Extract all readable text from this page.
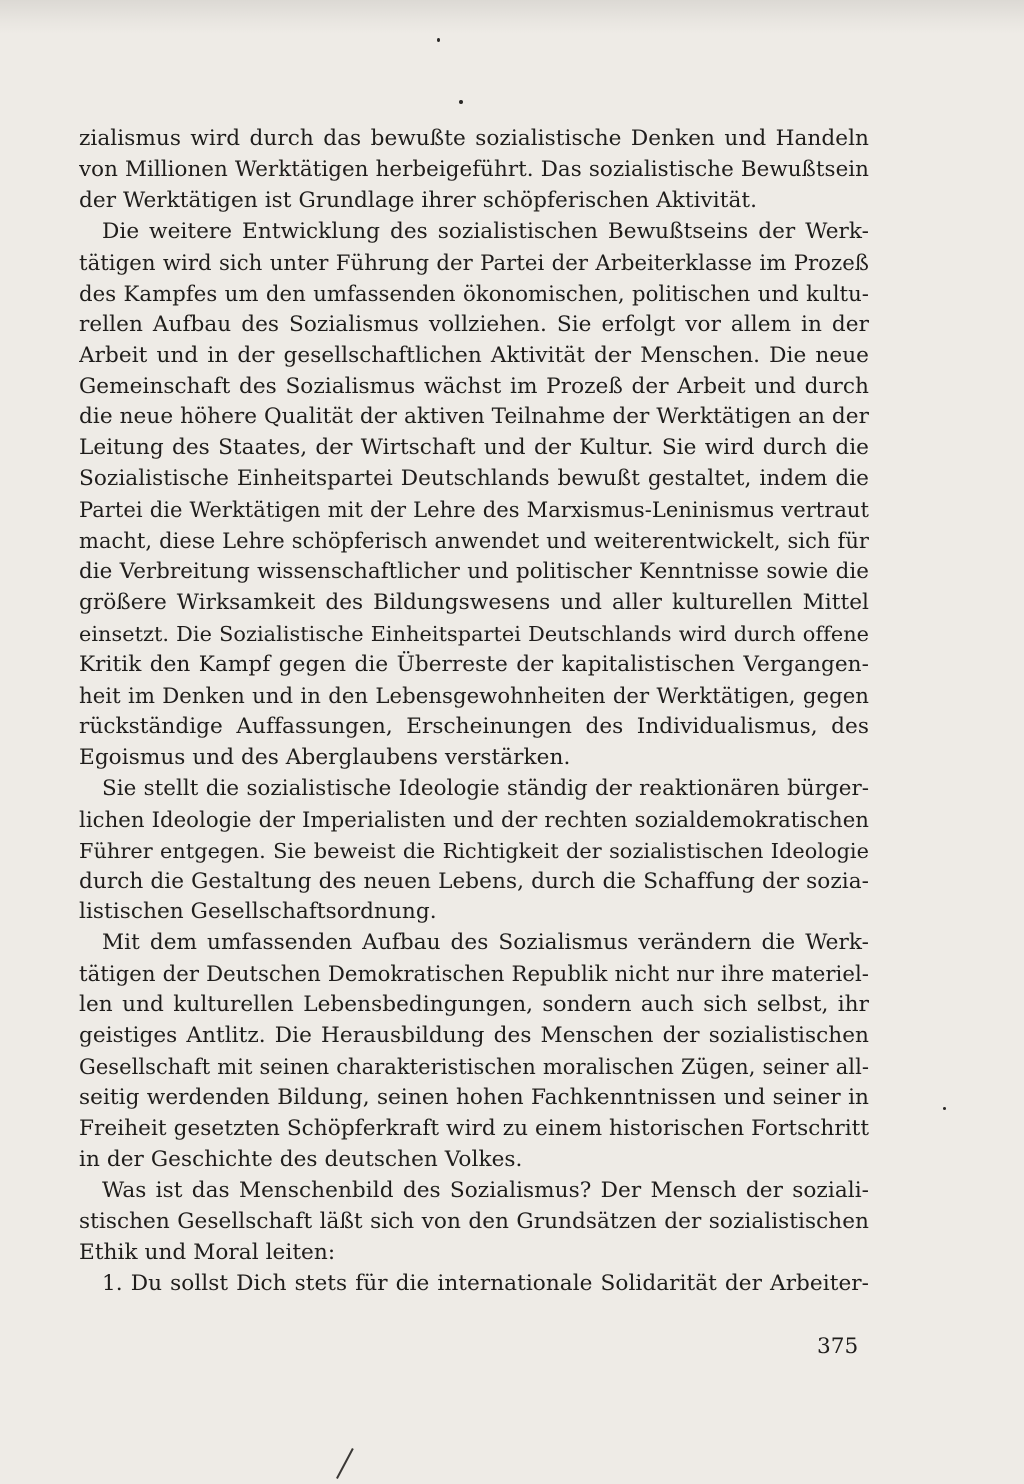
zialismus wird durch das bewußte sozialistische Denken und Handeln
von Millionen Werktätigen herbeigeführt. Das sozialistische Bewußtsein
der Werktätigen ist Grundlage ihrer schöpferischen Aktivität.
Die weitere Entwicklung des sozialistischen Bewußtseins der Werk-
tätigen wird sich unter Führung der Partei der Arbeiterklasse im Prozeß
des Kampfes um den umfassenden ökonomischen, politischen und kultu-
rellen Aufbau des Sozialismus vollziehen. Sie erfolgt vor allem in der
Arbeit und in der gesellschaftlichen Aktivität der Menschen. Die neue
Gemeinschaft des Sozialismus wächst im Prozeß der Arbeit und durch
die neue höhere Qualität der aktiven Teilnahme der Werktätigen an der
Leitung des Staates, der Wirtschaft und der Kultur. Sie wird durch die
Sozialistische Einheitspartei Deutschlands bewußt gestaltet, indem die
Partei die Werktätigen mit der Lehre des Marxismus-Leninismus vertraut
macht, diese Lehre schöpferisch anwendet und weiterentwickelt, sich für
die Verbreitung wissenschaftlicher und politischer Kenntnisse sowie die
größere Wirksamkeit des Bildungswesens und aller kulturellen Mittel
einsetzt. Die Sozialistische Einheitspartei Deutschlands wird durch offene
Kritik den Kampf gegen die Überreste der kapitalistischen Vergangen-
heit im Denken und in den Lebensgewohnheiten der Werktätigen, gegen
rückständige Auffassungen, Erscheinungen des Individualismus, des
Egoismus und des Aberglaubens verstärken.
Sie stellt die sozialistische Ideologie ständig der reaktionären bürger-
lichen Ideologie der Imperialisten und der rechten sozialdemokratischen
Führer entgegen. Sie beweist die Richtigkeit der sozialistischen Ideologie
durch die Gestaltung des neuen Lebens, durch die Schaffung der sozia-
listischen Gesellschaftsordnung.
Mit dem umfassenden Aufbau des Sozialismus verändern die Werk-
tätigen der Deutschen Demokratischen Republik nicht nur ihre materiel-
len und kulturellen Lebensbedingungen, sondern auch sich selbst, ihr
geistiges Antlitz. Die Herausbildung des Menschen der sozialistischen
Gesellschaft mit seinen charakteristischen moralischen Zügen, seiner all-
seitig werdenden Bildung, seinen hohen Fachkenntnissen und seiner in
Freiheit gesetzten Schöpferkraft wird zu einem historischen Fortschritt
in der Geschichte des deutschen Volkes.
Was ist das Menschenbild des Sozialismus? Der Mensch der soziali-
stischen Gesellschaft läßt sich von den Grundsätzen der sozialistischen
Ethik und Moral leiten:
1. Du sollst Dich stets für die internationale Solidarität der Arbeiter-
375
